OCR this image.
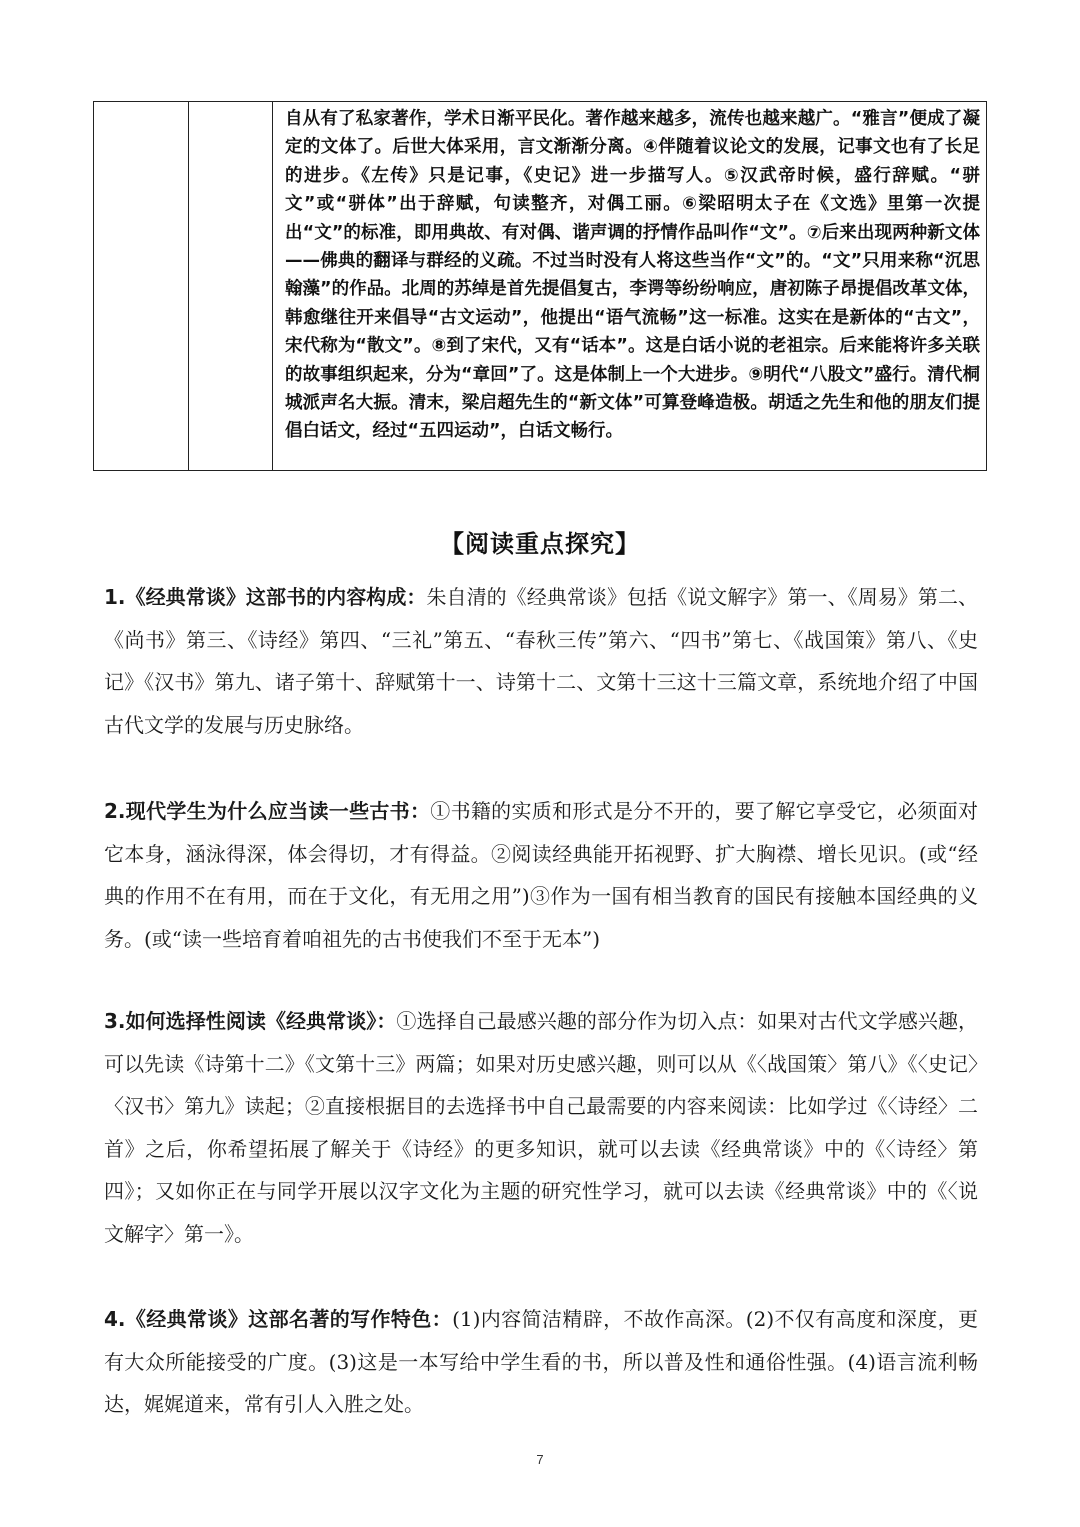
自从有了私家著作，学术日渐平民化。著作越来越多，流传也越来越广。“雅言”便成了凝定的文体了。后世大体采用，言文渐渐分离。④伴随着议论文的发展，记事文也有了长足的进步。《左传》只是记事，《史记》进一步描写人。⑤汉武帝时候，盛行辞赋。“骈文”或“骈体”出于辞赋，句读整齐，对偶工丽。⑥梁昭明太子在《文选》里第一次提出“文”的标准，即用典故、有对偶、谐声调的抒情作品叫作“文”。⑦后来出现两种新文体——佛典的翻译与群经的义疏。不过当时没有人将这些当作“文”的。“文”只用来称“沉思翰藻”的作品。北周的苏绰是首先提倡复古，李谔等纷纷响应，唐初陈子昂提倡改革文体，韩愈继往开来倡导“古文运动”，他提出“语气流畅”这一标准。这实在是新体的“古文”，宋代称为“散文”。⑧到了宋代，又有“话本”。这是白话小说的老祖宗。后来能将许多关联的故事组织起来，分为“章回”了。这是体制上一个大进步。⑨明代“八股文”盛行。清代桐城派声名大振。清末，梁启超先生的“新文体”可算登峰造极。胡适之先生和他的朋友们提倡白话文，经过“五四运动”，白话文畅行。
【阅读重点探究】
1.《经典常谈》这部书的内容构成：朱自清的《经典常谈》包括《说文解字》第一、《周易》第二、《尚书》第三、《诗经》第四、“三礼”第五、“春秋三传”第六、“四书”第七、《战国策》第八、《史记》《汉书》第九、诸子第十、辞赋第十一、诗第十二、文第十三这十三篇文章，系统地介绍了中国古代文学的发展与历史脉络。
2.现代学生为什么应当读一些古书：①书籍的实质和形式是分不开的，要了解它享受它，必须面对它本身，涵泳得深，体会得切，才有得益。②阅读经典能开拓视野、扩大胸襟、增长见识。(或“经典的作用不在有用，而在于文化，有无用之用”)③作为一国有相当教育的国民有接触本国经典的义务。(或“读一些培育着咱祖先的古书使我们不至于无本”)
3.如何选择性阅读《经典常谈》：①选择自己最感兴趣的部分作为切入点：如果对古代文学感兴趣，可以先读《诗第十二》《文第十三》两篇；如果对历史感兴趣，则可以从《〈战国策〉第八》《〈史记〉〈汉书〉第九》读起；②直接根据目的去选择书中自己最需要的内容来阅读：比如学过《〈诗经〉二首》之后，你希望拓展了解关于《诗经》的更多知识，就可以去读《经典常谈》中的《〈诗经〉第四》；又如你正在与同学开展以汉字文化为主题的研究性学习，就可以去读《经典常谈》中的《〈说文解字〉第一》。
4.《经典常谈》这部名著的写作特色：(1)内容简洁精辟，不故作高深。(2)不仅有高度和深度，更有大众所能接受的广度。(3)这是一本写给中学生看的书，所以普及性和通俗性强。(4)语言流利畅达，娓娓道来，常有引人入胜之处。
7
